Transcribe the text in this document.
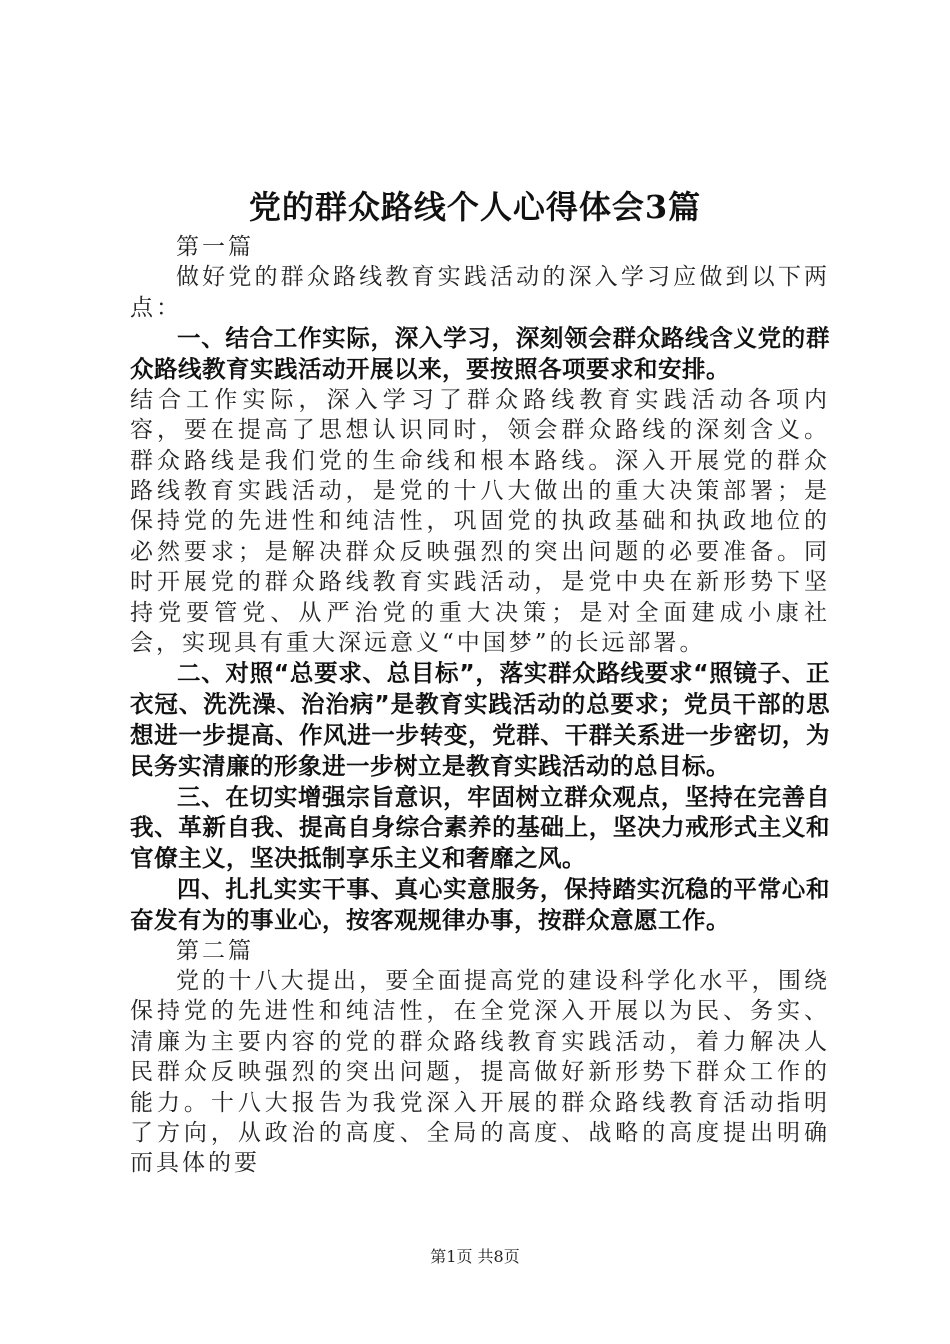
党的群众路线个人心得体会3篇

第一篇

做好党的群众路线教育实践活动的深入学习应做到以下两点：

一、结合工作实际，深入学习，深刻领会群众路线含义党的群众路线教育实践活动开展以来，要按照各项要求和安排。

结合工作实际，深入学习了群众路线教育实践活动各项内容，要在提高了思想认识同时，领会群众路线的深刻含义。群众路线是我们党的生命线和根本路线。深入开展党的群众路线教育实践活动，是党的十八大做出的重大决策部署；是保持党的先进性和纯洁性，巩固党的执政基础和执政地位的必然要求；是解决群众反映强烈的突出问题的必要准备。同时开展党的群众路线教育实践活动，是党中央在新形势下坚持党要管党、从严治党的重大决策；是对全面建成小康社会，实现具有重大深远意义“中国梦”的长远部署。

二、对照“总要求、总目标”，落实群众路线要求“照镜子、正衣冠、洗洗澡、治治病”是教育实践活动的总要求；党员干部的思想进一步提高、作风进一步转变，党群、干群关系进一步密切，为民务实清廉的形象进一步树立是教育实践活动的总目标。

三、在切实增强宗旨意识，牢固树立群众观点，坚持在完善自我、革新自我、提高自身综合素养的基础上，坚决力戒形式主义和官僚主义，坚决抵制享乐主义和奢靡之风。

四、扎扎实实干事、真心实意服务，保持踏实沉稳的平常心和奋发有为的事业心，按客观规律办事，按群众意愿工作。

第二篇

党的十八大提出，要全面提高党的建设科学化水平，围绕保持党的先进性和纯洁性，在全党深入开展以为民、务实、清廉为主要内容的党的群众路线教育实践活动，着力解决人民群众反映强烈的突出问题，提高做好新形势下群众工作的能力。十八大报告为我党深入开展的群众路线教育活动指明了方向，从政治的高度、全局的高度、战略的高度提出明确而具体的要

第1页 共8页
